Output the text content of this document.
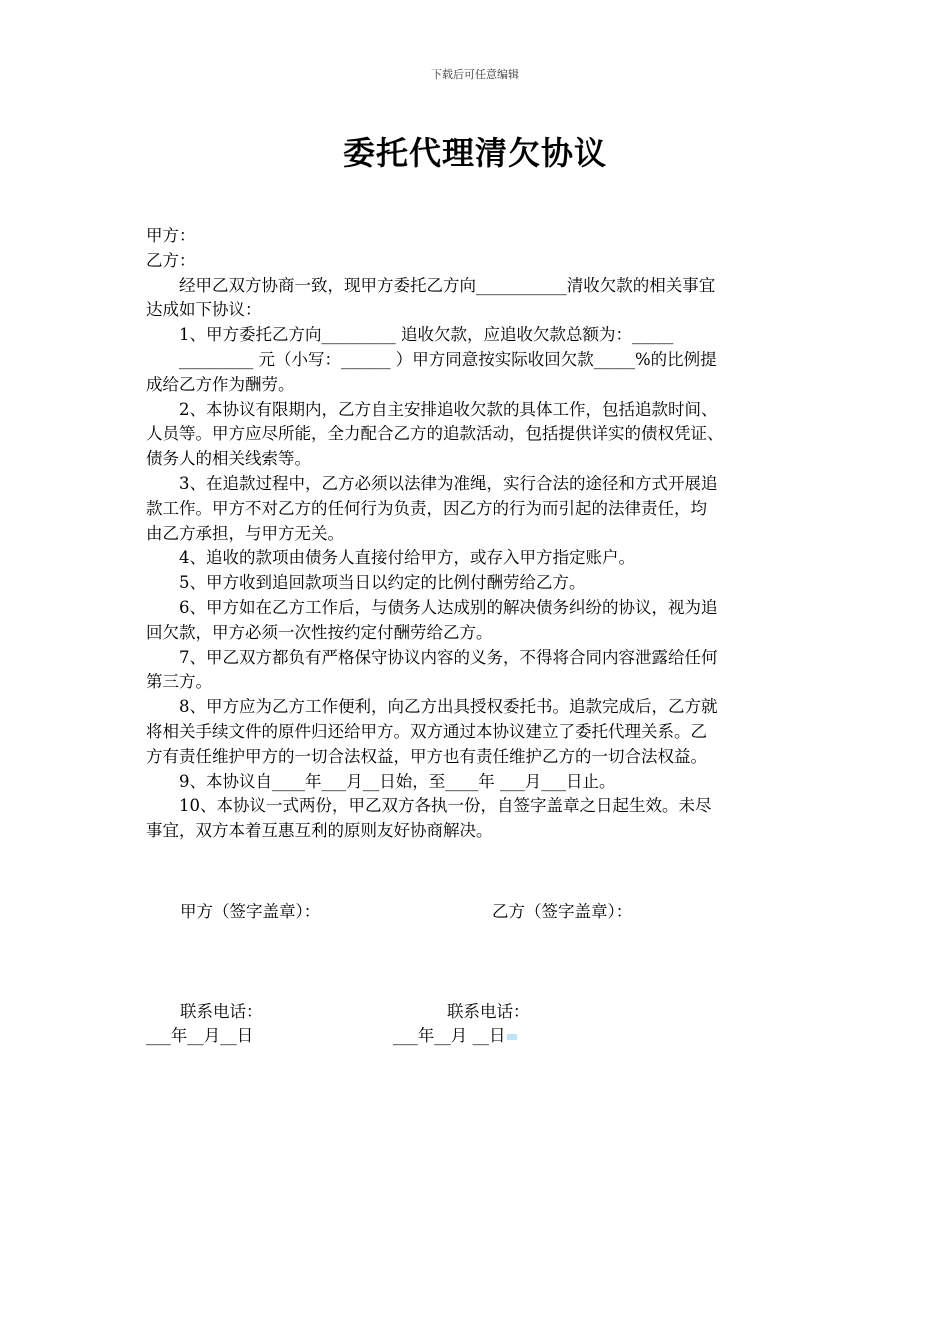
下载后可任意编辑
委托代理清欠协议
甲方：
乙方：
经甲乙双方协商一致，现甲方委托乙方向___________清收欠款的相关事宜
达成如下协议：
1、甲方委托乙方向_________ 追收欠款，应追收欠款总额为：_____
_________ 元（小写：______ ）甲方同意按实际收回欠款_____%的比例提
成给乙方作为酬劳。
2、本协议有限期内，乙方自主安排追收欠款的具体工作，包括追款时间、
人员等。甲方应尽所能，全力配合乙方的追款活动，包括提供详实的债权凭证、
债务人的相关线索等。
3、在追款过程中，乙方必须以法律为准绳，实行合法的途径和方式开展追
款工作。甲方不对乙方的任何行为负责，因乙方的行为而引起的法律责任，均
由乙方承担，与甲方无关。
4、追收的款项由债务人直接付给甲方，或存入甲方指定账户。
5、甲方收到追回款项当日以约定的比例付酬劳给乙方。
6、甲方如在乙方工作后，与债务人达成别的解决债务纠纷的协议，视为追
回欠款，甲方必须一次性按约定付酬劳给乙方。
7、甲乙双方都负有严格保守协议内容的义务，不得将合同内容泄露给任何
第三方。
8、甲方应为乙方工作便利，向乙方出具授权委托书。追款完成后，乙方就
将相关手续文件的原件归还给甲方。双方通过本协议建立了委托代理关系。乙
方有责任维护甲方的一切合法权益，甲方也有责任维护乙方的一切合法权益。
9、本协议自____年___月__日始，至____年 ___月___日止。
10、本协议一式两份，甲乙双方各执一份，自签字盖章之日起生效。未尽
事宜，双方本着互惠互利的原则友好协商解决。
甲方（签字盖章）：	乙方（签字盖章）：
联系电话：	联系电话：
___年__月__日	___年__月 __日
